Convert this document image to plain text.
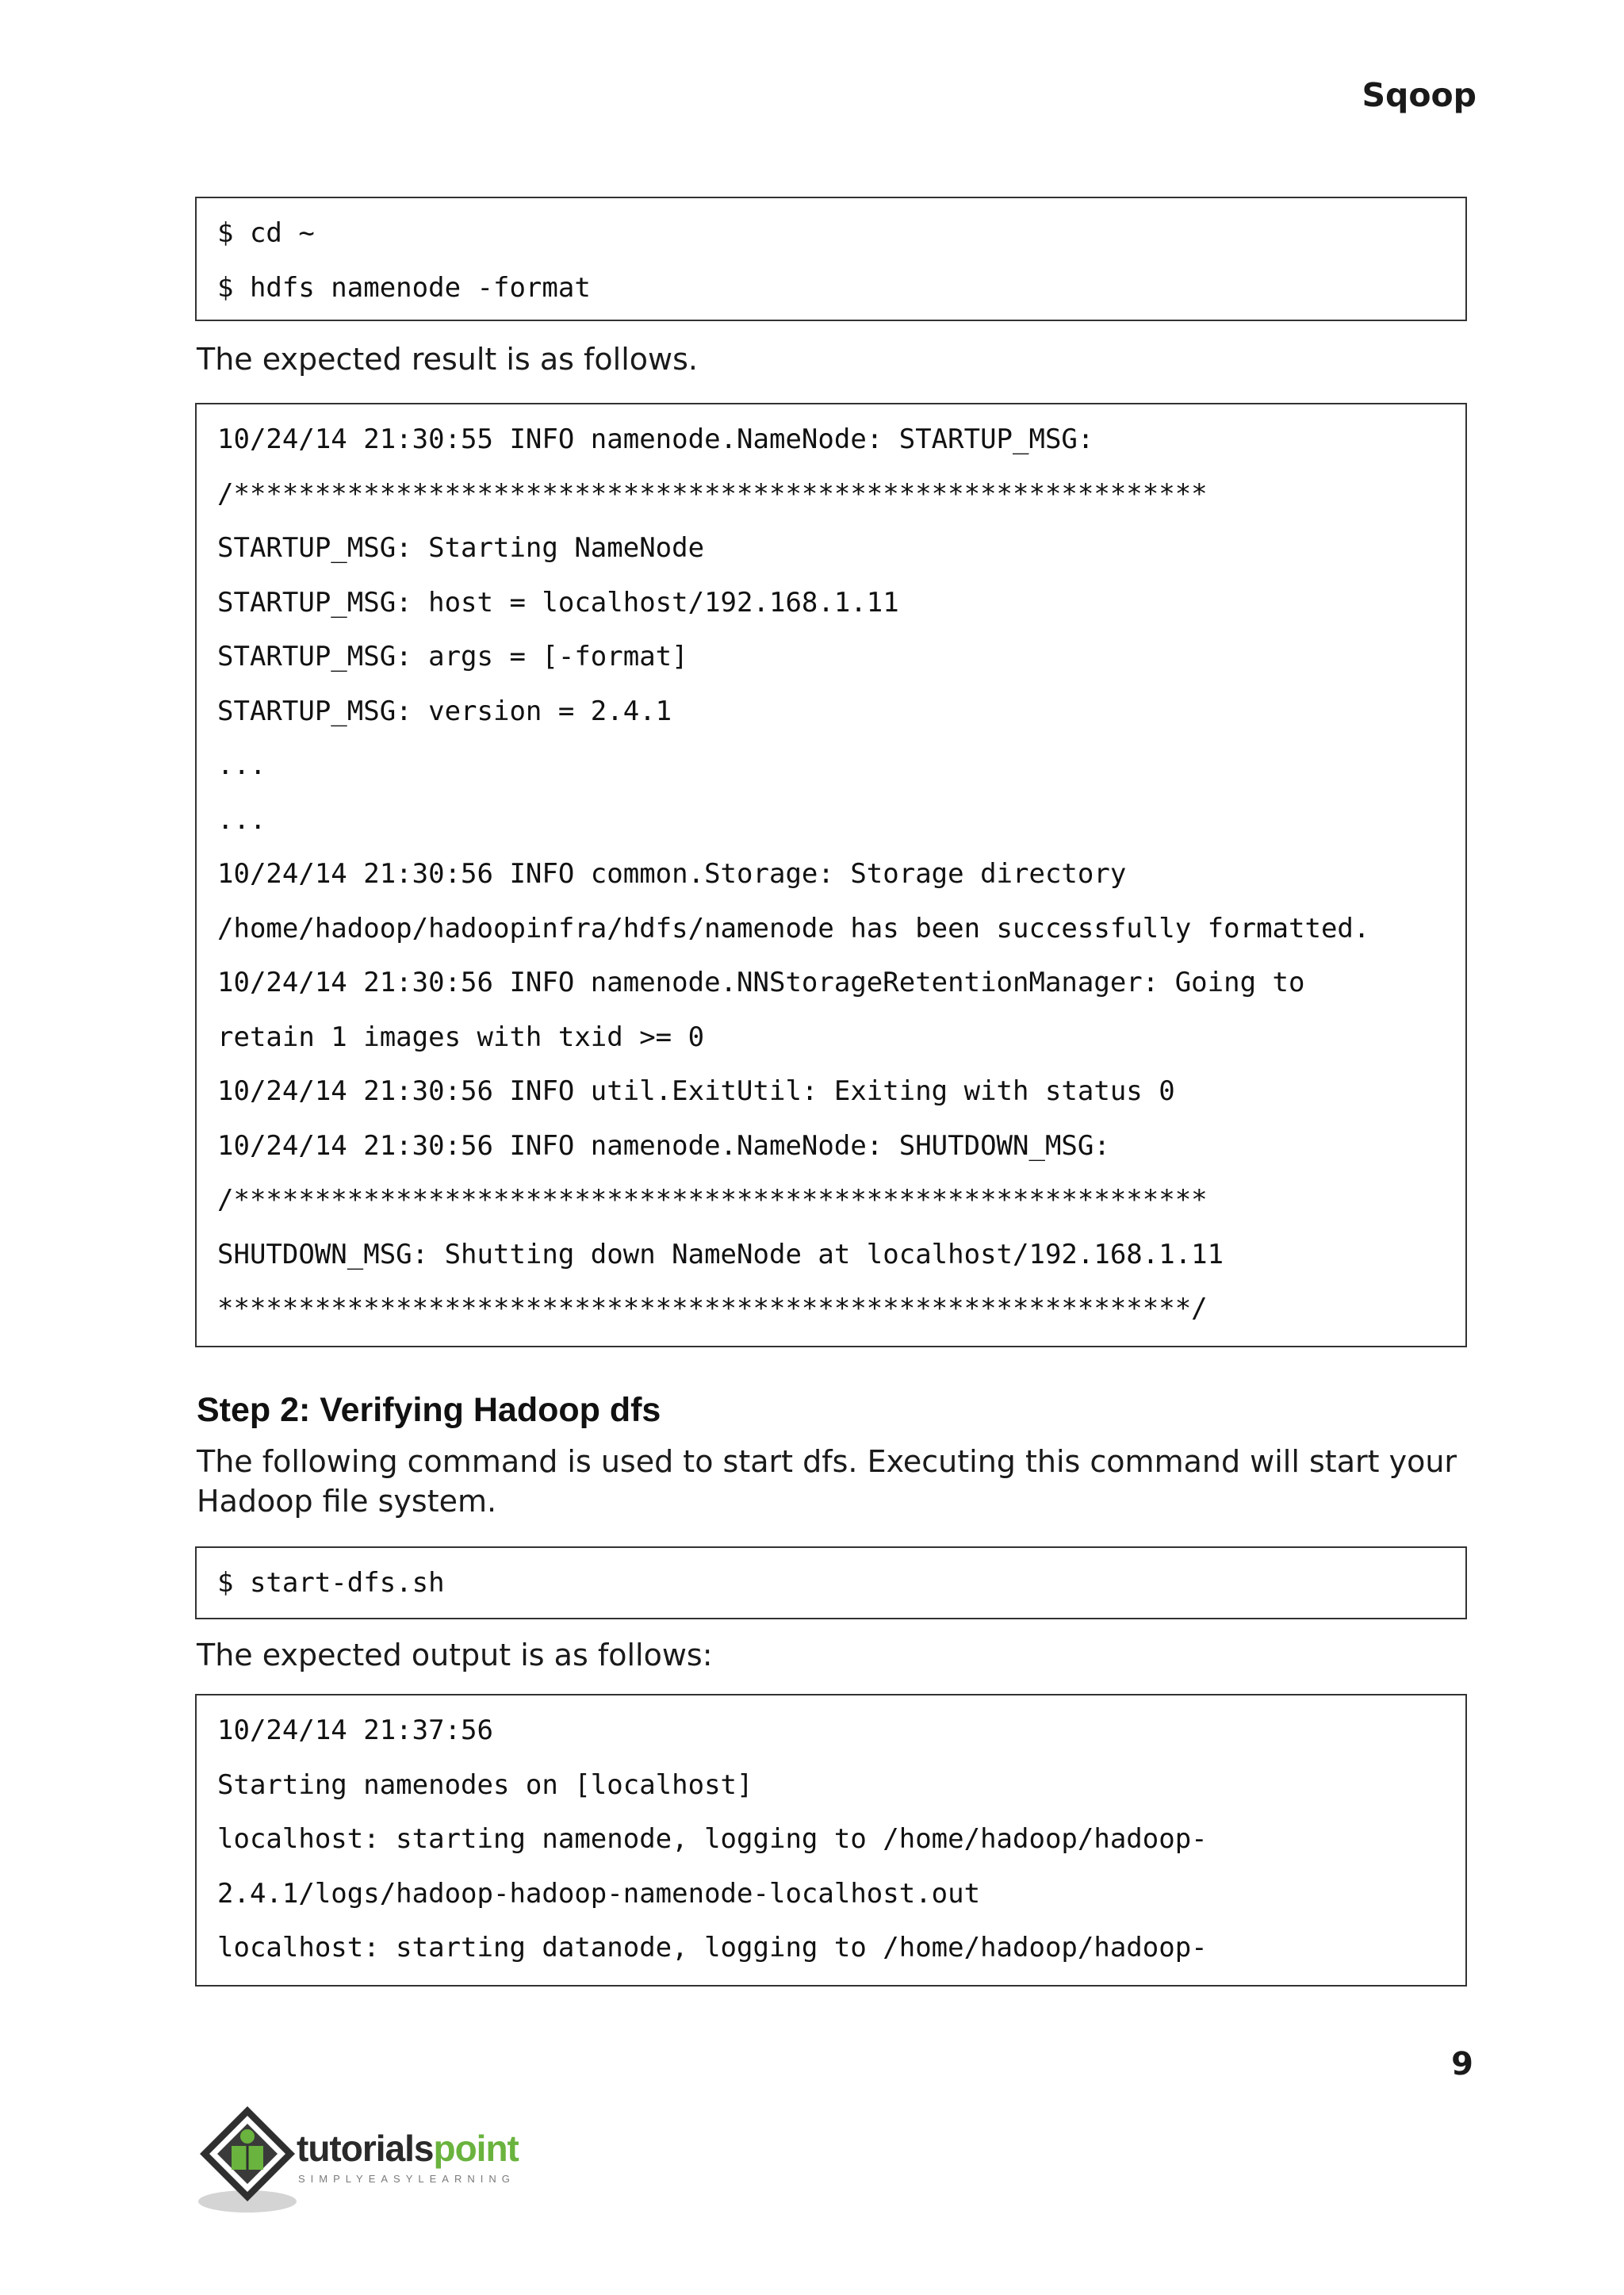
Sqoop
$ cd ~
$ hdfs namenode -format
The expected result is as follows.
10/24/14 21:30:55 INFO namenode.NameNode: STARTUP_MSG:
/************************************************************
STARTUP_MSG: Starting NameNode
STARTUP_MSG: host = localhost/192.168.1.11
STARTUP_MSG: args = [-format]
STARTUP_MSG: version = 2.4.1
...
...
10/24/14 21:30:56 INFO common.Storage: Storage directory
/home/hadoop/hadoopinfra/hdfs/namenode has been successfully formatted.
10/24/14 21:30:56 INFO namenode.NNStorageRetentionManager: Going to
retain 1 images with txid >= 0
10/24/14 21:30:56 INFO util.ExitUtil: Exiting with status 0
10/24/14 21:30:56 INFO namenode.NameNode: SHUTDOWN_MSG:
/************************************************************
SHUTDOWN_MSG: Shutting down NameNode at localhost/192.168.1.11
************************************************************/
Step 2: Verifying Hadoop dfs
The following command is used to start dfs. Executing this command will start your Hadoop file system.
$ start-dfs.sh
The expected output is as follows:
10/24/14 21:37:56
Starting namenodes on [localhost]
localhost: starting namenode, logging to /home/hadoop/hadoop-
2.4.1/logs/hadoop-hadoop-namenode-localhost.out
localhost: starting datanode, logging to /home/hadoop/hadoop-
9
tutorialspoint
SIMPLYEASYLEARNING
